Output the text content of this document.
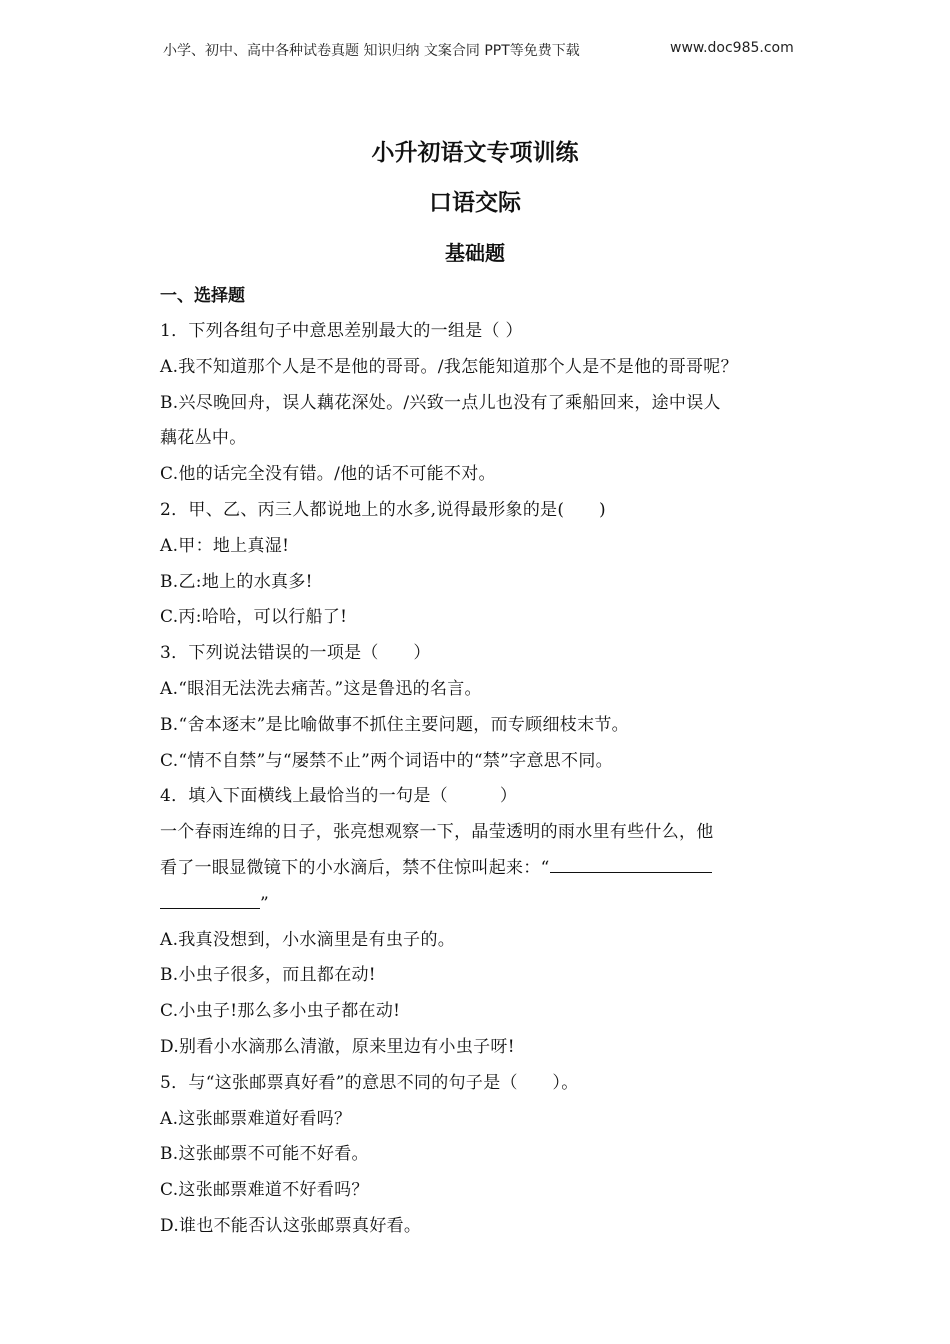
小学、初中、高中各种试卷真题 知识归纳 文案合同 PPT等免费下载	www.doc985.com
小升初语文专项训练
口语交际
基础题
一、选择题
1．下列各组句子中意思差别最大的一组是（ ）
A.我不知道那个人是不是他的哥哥。/我怎能知道那个人是不是他的哥哥呢？
B.兴尽晚回舟，误人藕花深处。/兴致一点儿也没有了乘船回来，途中误人
藕花丛中。
C.他的话完全没有错。/他的话不可能不对。
2．甲、乙、丙三人都说地上的水多,说得最形象的是(　　)
A.甲：地上真湿!
B.乙:地上的水真多!
C.丙:哈哈，可以行船了!
3．下列说法错误的一项是（　　）
A.“眼泪无法洗去痛苦。”这是鲁迅的名言。
B.“舍本逐末”是比喻做事不抓住主要问题，而专顾细枝末节。
C.“情不自禁”与“屡禁不止”两个词语中的“禁”字意思不同。
4．填入下面横线上最恰当的一句是（　　　）
一个春雨连绵的日子，张亮想观察一下，晶莹透明的雨水里有些什么，他
看了一眼显微镜下的小水滴后，禁不住惊叫起来：“
”
A.我真没想到，小水滴里是有虫子的。
B.小虫子很多，而且都在动!
C.小虫子!那么多小虫子都在动!
D.别看小水滴那么清澈，原来里边有小虫子呀!
5．与“这张邮票真好看”的意思不同的句子是（　　）。
A.这张邮票难道好看吗？
B.这张邮票不可能不好看。
C.这张邮票难道不好看吗？
D.谁也不能否认这张邮票真好看。
